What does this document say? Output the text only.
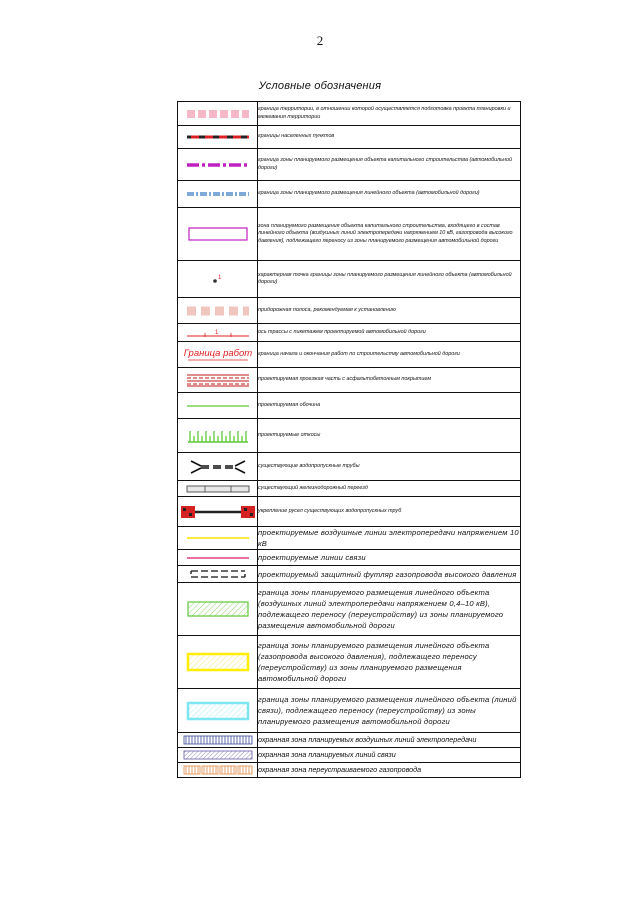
2
Условные обозначения
	граница территории, в отношении которой осуществляется подготовка проекта планировки и межевания территории

	границы населенных пунктов

	граница зоны планируемого размещения объекта капитального строительства (автомобильной дороги)

	граница зоны планируемого размещения линейного объекта (автомобильной дороги)

	зона планируемого размещения объекта капитального строительства, входящего в состав линейного объекта (воздушных линий электропередачи напряжением 10 кВ, газопровода высокого давления), подлежащего переносу из зоны планируемого размещения автомобильной дороги

1	характерная точка границы зоны планируемого размещения линейного объекта (автомобильной дороги)

	придорожная полоса, рекомендуемая к установлению

1	ось трассы с пикетажем проектируемой автомобильной дороги

Граница работ	граница начала и окончания работ по строительству автомобильной дороги

	проектируемая проезжая часть с асфальтобетонным покрытием

	проектируемая обочина

	проектируемые откосы

	существующие водопропускные трубы

	существующий железнодорожный переезд

	укрепление русел существующих водопропускных труб

	проектируемые воздушные линии электропередачи напряжением 10 кВ

	проектируемые линии связи

	проектируемый защитный футляр газопровода высокого давления

	граница зоны планируемого размещения линейного объекта (воздушных линий электропередачи напряжением 0,4–10 кВ), подлежащего переносу (переустройству) из зоны планируемого размещения автомобильной дороги

	граница зоны планируемого размещения линейного объекта (газопровода высокого давления), подлежащего переносу (переустройству) из зоны планируемого размещения автомобильной дороги

	граница зоны планируемого размещения линейного объекта (линий связи), подлежащего переносу (переустройству) из зоны планируемого размещения автомобильной дороги

	охранная зона планируемых воздушных линий электропередачи

	охранная зона планируемых линий связи

	охранная зона переустраиваемого газопровода
